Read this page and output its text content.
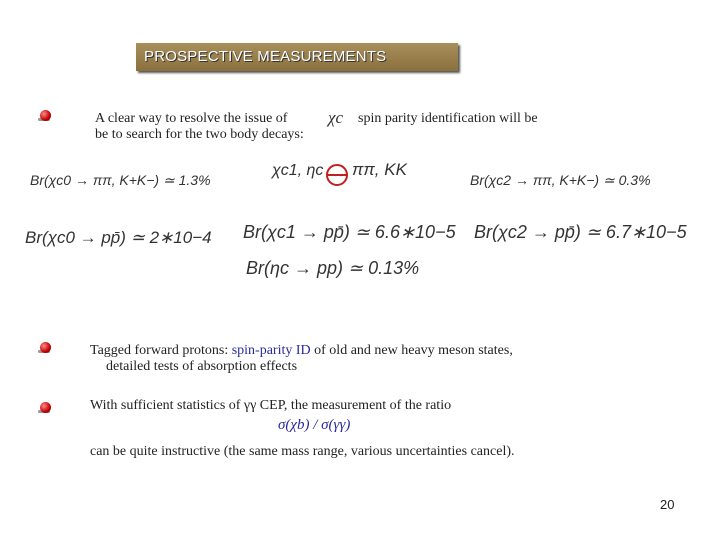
PROSPECTIVE MEASUREMENTS
A clear way to resolve the issue of χc spin parity identification will be
be to search for the two body decays:
Br(χc0 → ππ, K+K−) ≃ 1.3%
χc1, ηc ππ, KK
Br(χc2 → ππ, K+K−) ≃ 0.3%
Br(χc0 → pp̄) ≃ 2∗10−4 Br(χc1 → pp̄) ≃ 6.6∗10−5 Br(χc2 → pp̄) ≃ 6.7∗10−5
Br(ηc → pp) ≃ 0.13%
Tagged forward protons: spin-parity ID of old and new heavy meson states,
detailed tests of absorption effects
With sufficient statistics of γγ CEP, the measurement of the ratio
σ(χb) / σ(γγ)
can be quite instructive (the same mass range, various uncertainties cancel).
20
